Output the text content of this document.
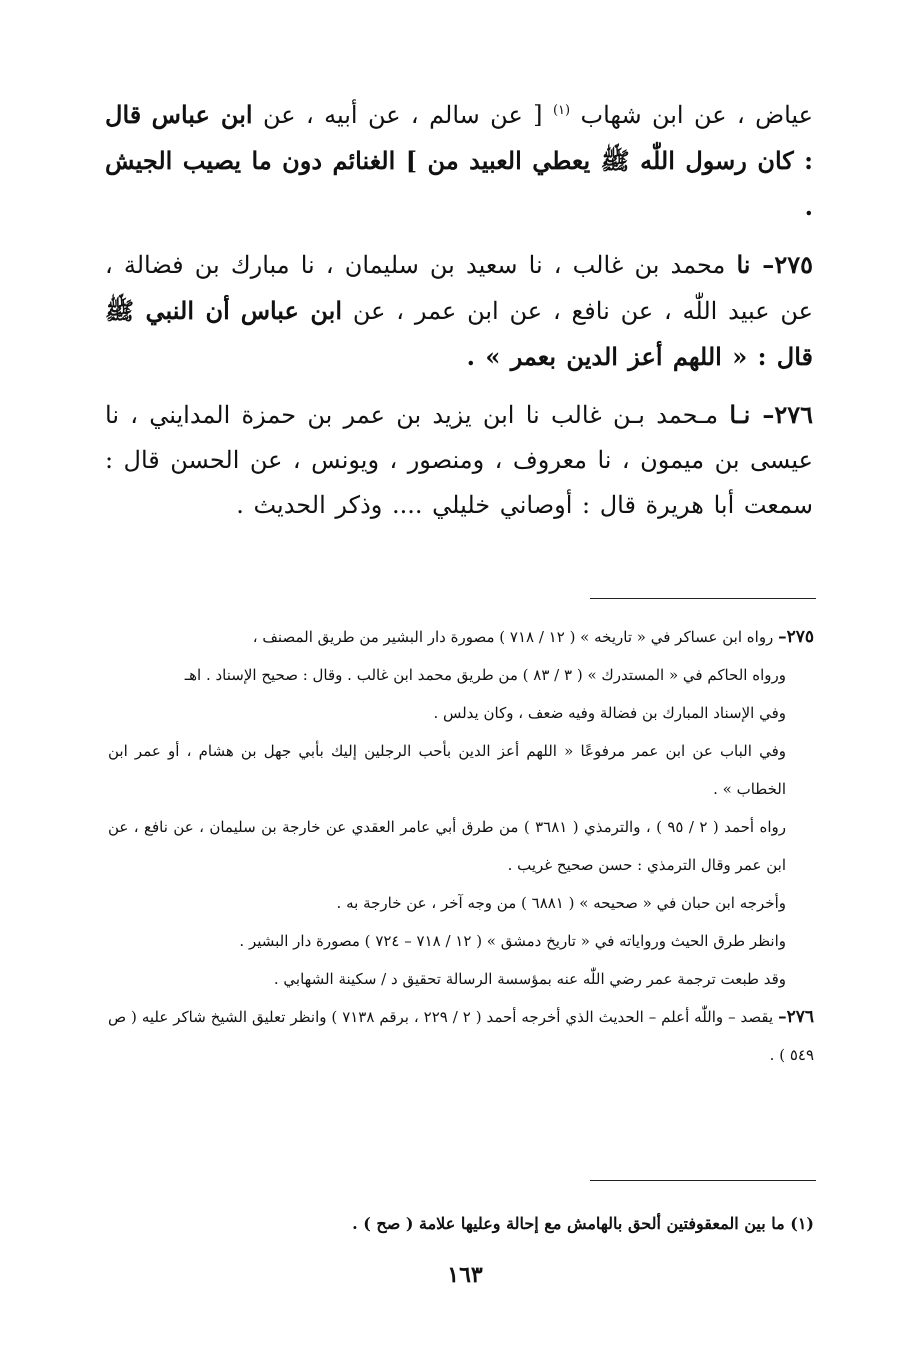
عياض ، عن ابن شهاب $^{(١)}$ [ عن سالم ، عن أبيه ، عن ابن عباس قال : كان رسول اللّٰه ﷺ يعطي العبيد من ] الغنائم دون ما يصيب الجيش .

٢٧٥– نا محمد بن غالب ، نا سعيد بن سليمان ، نا مبارك بن فضالة ، عن عبيد اللّٰه ، عن نافع ، عن ابن عمر ، عن ابن عباس أن النبي ﷺ قال : « اللهم أعز الدين بعمر » .

٢٧٦– نـا مـحمد بـن غالب نا ابن يزيد بن عمر بن حمزة المدايني ، نا عيسى بن ميمون ، نا معروف ، ومنصور ، ويونس ، عن الحسن قال : سمعت أبا هريرة قال : أوصاني خليلي .... وذكر الحديث .

٢٧٥– رواه ابن عساكر في « تاريخه » ( ١٢ / ٧١٨ ) مصورة دار البشير من طريق المصنف ،

ورواه الحاكم في « المستدرك » ( ٣ / ٨٣ ) من طريق محمد ابن غالب . وقال : صحيح الإسناد . اهـ

وفي الإسناد المبارك بن فضالة وفيه ضعف ، وكان يدلس .

وفي الباب عن ابن عمر مرفوعًا « اللهم أعز الدين بأحب الرجلين إليك بأبي جهل بن هشام ، أو عمر ابن الخطاب » .

رواه أحمد ( ٢ / ٩٥ ) ، والترمذي ( ٣٦٨١ ) من طرق أبي عامر العقدي عن خارجة بن سليمان ، عن نافع ، عن ابن عمر وقال الترمذي : حسن صحيح غريب .

وأخرجه ابن حبان في « صحيحه » ( ٦٨٨١ ) من وجه آخر ، عن خارجة به .

وانظر طرق الحيث ورواياته في « تاريخ دمشق » ( ١٢ / ٧١٨ – ٧٢٤ ) مصورة دار البشير .

وقد طبعت ترجمة عمر رضي اللّٰه عنه بمؤسسة الرسالة تحقيق د / سكينة الشهابي .

٢٧٦– يقصد – واللّٰه أعلم – الحديث الذي أخرجه أحمد ( ٢ / ٢٢٩ ، برقم ٧١٣٨ ) وانظر تعليق الشيخ شاكر عليه ( ص ٥٤٩ ) .

(١) ما بين المعقوفتين ألحق بالهامش مع إحالة وعليها علامة ( صح ) .
١٦٣
